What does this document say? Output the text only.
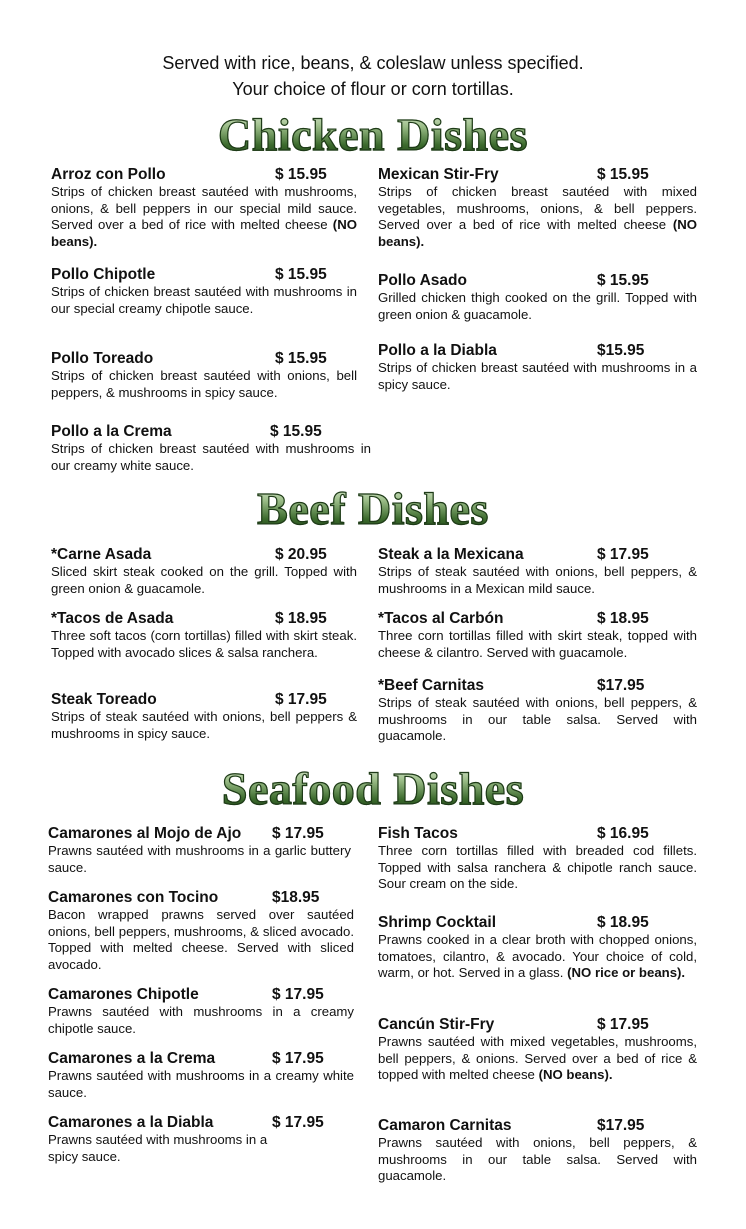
Served with rice, beans, & coleslaw unless specified.
Your choice of flour or corn tortillas.
Chicken Dishes
Arroz con Pollo	$ 15.95
Strips of chicken breast sautéed with mushrooms, onions, & bell peppers in our special mild sauce. Served over a bed of rice with melted cheese (NO beans).
Pollo Chipotle	$ 15.95
Strips of chicken breast sautéed with mushrooms in our special creamy chipotle sauce.
Pollo Toreado	$ 15.95
Strips of chicken breast sautéed with onions, bell peppers, & mushrooms in spicy sauce.
Pollo a la Crema	$ 15.95
Strips of chicken breast sautéed with mushrooms in our creamy white sauce.
Mexican Stir-Fry	$ 15.95
Strips of chicken breast sautéed with mixed vegetables, mushrooms, onions, & bell peppers. Served over a bed of rice with melted cheese (NO beans).
Pollo Asado	$ 15.95
Grilled chicken thigh cooked on the grill. Topped with green onion & guacamole.
Pollo a la Diabla	$15.95
Strips of chicken breast sautéed with mushrooms in a spicy sauce.
Beef Dishes
*Carne Asada	$ 20.95
Sliced skirt steak cooked on the grill. Topped with green onion & guacamole.
*Tacos de Asada	$ 18.95
Three soft tacos (corn tortillas) filled with skirt steak. Topped with avocado slices & salsa ranchera.
Steak Toreado	$ 17.95
Strips of steak sautéed with onions, bell peppers & mushrooms in spicy sauce.
Steak a la Mexicana	$ 17.95
Strips of steak sautéed with onions, bell peppers, & mushrooms in a Mexican mild sauce.
*Tacos al Carbón	$ 18.95
Three corn tortillas filled with skirt steak, topped with cheese & cilantro. Served with guacamole.
*Beef Carnitas	$17.95
Strips of steak sautéed with onions, bell peppers, & mushrooms in our table salsa. Served with guacamole.
Seafood Dishes
Camarones al Mojo de Ajo $ 17.95
Prawns sautéed with mushrooms in a garlic buttery sauce.
Camarones con Tocino	$18.95
Bacon wrapped prawns served over sautéed onions, bell peppers, mushrooms, & sliced avocado. Topped with melted cheese. Served with sliced avocado.
Camarones Chipotle	$ 17.95
Prawns sautéed with mushrooms in a creamy chipotle sauce.
Camarones a la Crema	$ 17.95
Prawns sautéed with mushrooms in a creamy white sauce.
Camarones a la Diabla	$ 17.95
Prawns sautéed with mushrooms in a spicy sauce.
Fish Tacos	$ 16.95
Three corn tortillas filled with breaded cod fillets. Topped with salsa ranchera & chipotle ranch sauce. Sour cream on the side.
Shrimp Cocktail	$ 18.95
Prawns cooked in a clear broth with chopped onions, tomatoes, cilantro, & avocado. Your choice of cold, warm, or hot. Served in a glass. (NO rice or beans).
Cancún Stir-Fry	$ 17.95
Prawns sautéed with mixed vegetables, mushrooms, bell peppers, & onions. Served over a bed of rice & topped with melted cheese (NO beans).
Camaron Carnitas	$17.95
Prawns sautéed with onions, bell peppers, & mushrooms in our table salsa. Served with guacamole.
